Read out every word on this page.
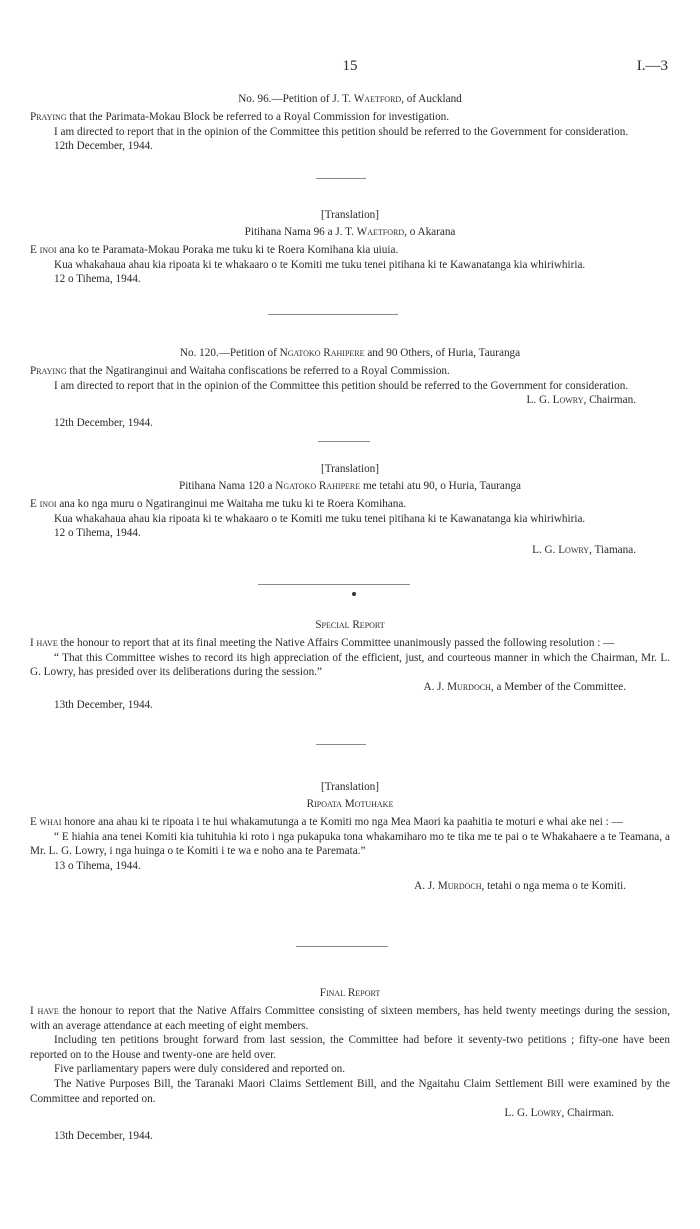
15	I.—3
No. 96.—Petition of J. T. Waetford, of Auckland

Praying that the Parimata-Mokau Block be referred to a Royal Commission for investigation.

I am directed to report that in the opinion of the Committee this petition should be referred to the Government for consideration.

12th December, 1944.

[Translation]
Pitihana Nama 96 a J. T. Waetford, o Akarana

E inoi ana ko te Paramata-Mokau Poraka me tuku ki te Roera Komihana kia uiuia.

Kua whakahaua ahau kia ripoata ki te whakaaro o te Komiti me tuku tenei pitihana ki te Kawanatanga kia whiriwhiria.

12 o Tihema, 1944.

No. 120.—Petition of Ngatoko Rahipere and 90 Others, of Huria, Tauranga

Praying that the Ngatiranginui and Waitaha confiscations be referred to a Royal Commission.

I am directed to report that in the opinion of the Committee this petition should be referred to the Government for consideration.

L. G. Lowry, Chairman.

12th December, 1944.

[Translation]
Pitihana Nama 120 a Ngatoko Rahipere me tetahi atu 90, o Huria, Tauranga

E inoi ana ko nga muru o Ngatiranginui me Waitaha me tuku ki te Roera Komihana.

Kua whakahaua ahau kia ripoata ki te whakaaro o te Komiti me tuku tenei pitihana ki te Kawanatanga kia whiriwhiria.

12 o Tihema, 1944.

L. G. Lowry, Tiamana.

Special Report

I have the honour to report that at its final meeting the Native Affairs Committee unanimously passed the following resolution : —

“ That this Committee wishes to record its high appreciation of the efficient, just, and courteous manner in which the Chairman, Mr. L. G. Lowry, has presided over its deliberations during the session.”

A. J. Murdoch, a Member of the Committee.

13th December, 1944.

[Translation]
Ripoata Motuhake

E whai honore ana ahau ki te ripoata i te hui whakamutunga a te Komiti mo nga Mea Maori ka paahitia te moturi e whai ake nei : —

“ E hiahia ana tenei Komiti kia tuhituhia ki roto i nga pukapuka tona whakamiharo mo te tika me te pai o te Whakahaere a te Teamana, a Mr. L. G. Lowry, i nga huinga o te Komiti i te wa e noho ana te Paremata.”

13 o Tihema, 1944.

A. J. Murdoch, tetahi o nga mema o te Komiti.

Final Report

I have the honour to report that the Native Affairs Committee consisting of sixteen members, has held twenty meetings during the session, with an average attendance at each meeting of eight members.

Including ten petitions brought forward from last session, the Committee had before it seventy-two petitions ; fifty-one have been reported on to the House and twenty-one are held over.

Five parliamentary papers were duly considered and reported on.

The Native Purposes Bill, the Taranaki Maori Claims Settlement Bill, and the Ngaitahu Claim Settlement Bill were examined by the Committee and reported on.

L. G. Lowry, Chairman.

13th December, 1944.
